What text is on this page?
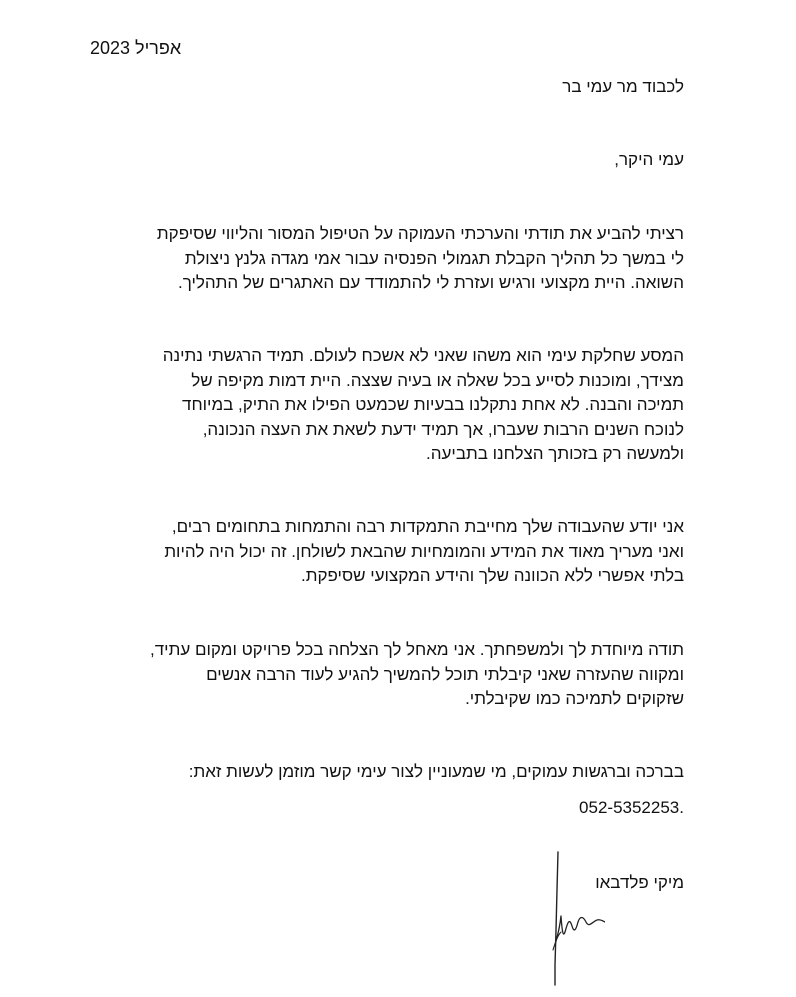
אפריל 2023
לכבוד מר עמי בר
עמי היקר,
רציתי להביע את תודתי והערכתי העמוקה על הטיפול המסור והליווי שסיפקת
לי במשך כל תהליך הקבלת תגמולי הפנסיה עבור אמי מגדה גלנץ ניצולת
השואה. היית מקצועי ורגיש ועזרת לי להתמודד עם האתגרים של התהליך.
המסע שחלקת עימי הוא משהו שאני לא אשכח לעולם. תמיד הרגשתי נתינה
מצידך, ומוכנות לסייע בכל שאלה או בעיה שצצה. היית דמות מקיפה של
תמיכה והבנה. לא אחת נתקלנו בבעיות שכמעט הפילו את התיק, במיוחד
לנוכח השנים הרבות שעברו, אך תמיד ידעת לשאת את העצה הנכונה,
ולמעשה רק בזכותך הצלחנו בתביעה.
אני יודע שהעבודה שלך מחייבת התמקדות רבה והתמחות בתחומים רבים,
ואני מעריך מאוד את המידע והמומחיות שהבאת לשולחן. זה יכול היה להיות
בלתי אפשרי ללא הכוונה שלך והידע המקצועי שסיפקת.
תודה מיוחדת לך ולמשפחתך. אני מאחל לך הצלחה בכל פרויקט ומקום עתיד,
ומקווה שהעזרה שאני קיבלתי תוכל להמשיך להגיע לעוד הרבה אנשים
שזקוקים לתמיכה כמו שקיבלתי.
בברכה וברגשות עמוקים, מי שמעוניין לצור עימי קשר מוזמן לעשות זאת:
.052-5352253
מיקי פלדבאו
